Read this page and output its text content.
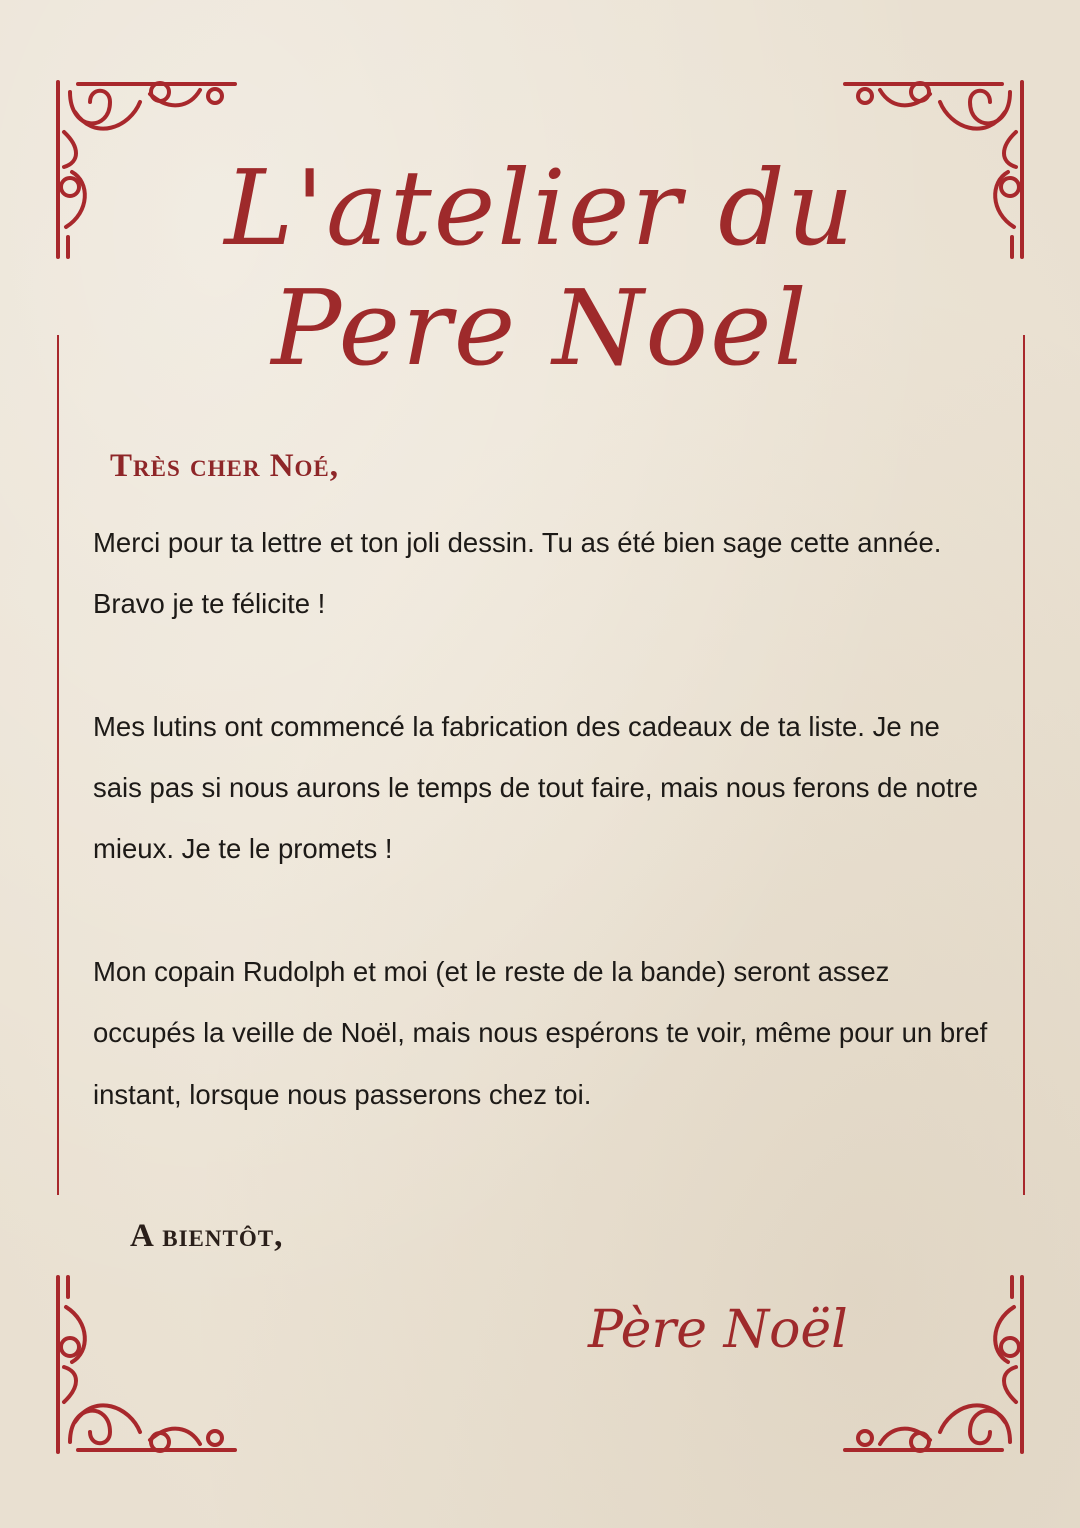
L'atelier du
Pere Noel
Très cher Noé,

Merci pour ta lettre et ton joli dessin. Tu as été bien sage cette année.

Bravo je te félicite !

Mes lutins ont commencé la fabrication des cadeaux de ta liste. Je ne sais pas si nous aurons le temps de tout faire, mais nous ferons de notre mieux. Je te le promets !

Mon copain Rudolph et moi (et le reste de la bande) seront assez occupés la veille de Noël, mais nous espérons te voir, même pour un bref instant, lorsque nous passerons chez toi.

A bientôt,
Père Noël
